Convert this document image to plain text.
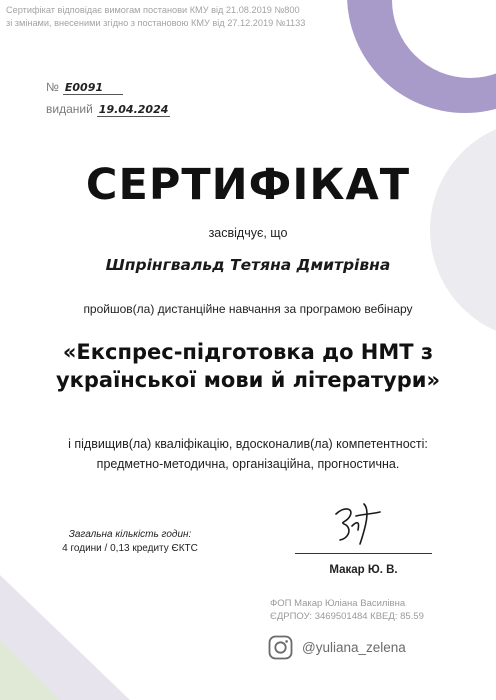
Сертифікат відповідає вимогам постанови КМУ від 21.08.2019 №800
зі змінами, внесеними згідно з постановою КМУ від 27.12.2019 №1133
№ Е0091
виданий 19.04.2024
СЕРТИФІКАТ
засвідчує, що
Шпрінгвальд Тетяна Дмитрівна
пройшов(ла) дистанційне навчання за програмою вебінару
«Експрес-підготовка до НМТ з
української мови й літератури»
і підвищив(ла) кваліфікацію, вдосконалив(ла) компетентності:
предметно-методична, організаційна, прогностична.
Загальна кількість годин:
4 години / 0,13 кредиту ЄКТС
Макар Ю. В.
ФОП Макар Юліана Василівна
ЄДРПОУ: 3469501484 КВЕД: 85.59
@yuliana_zelena
